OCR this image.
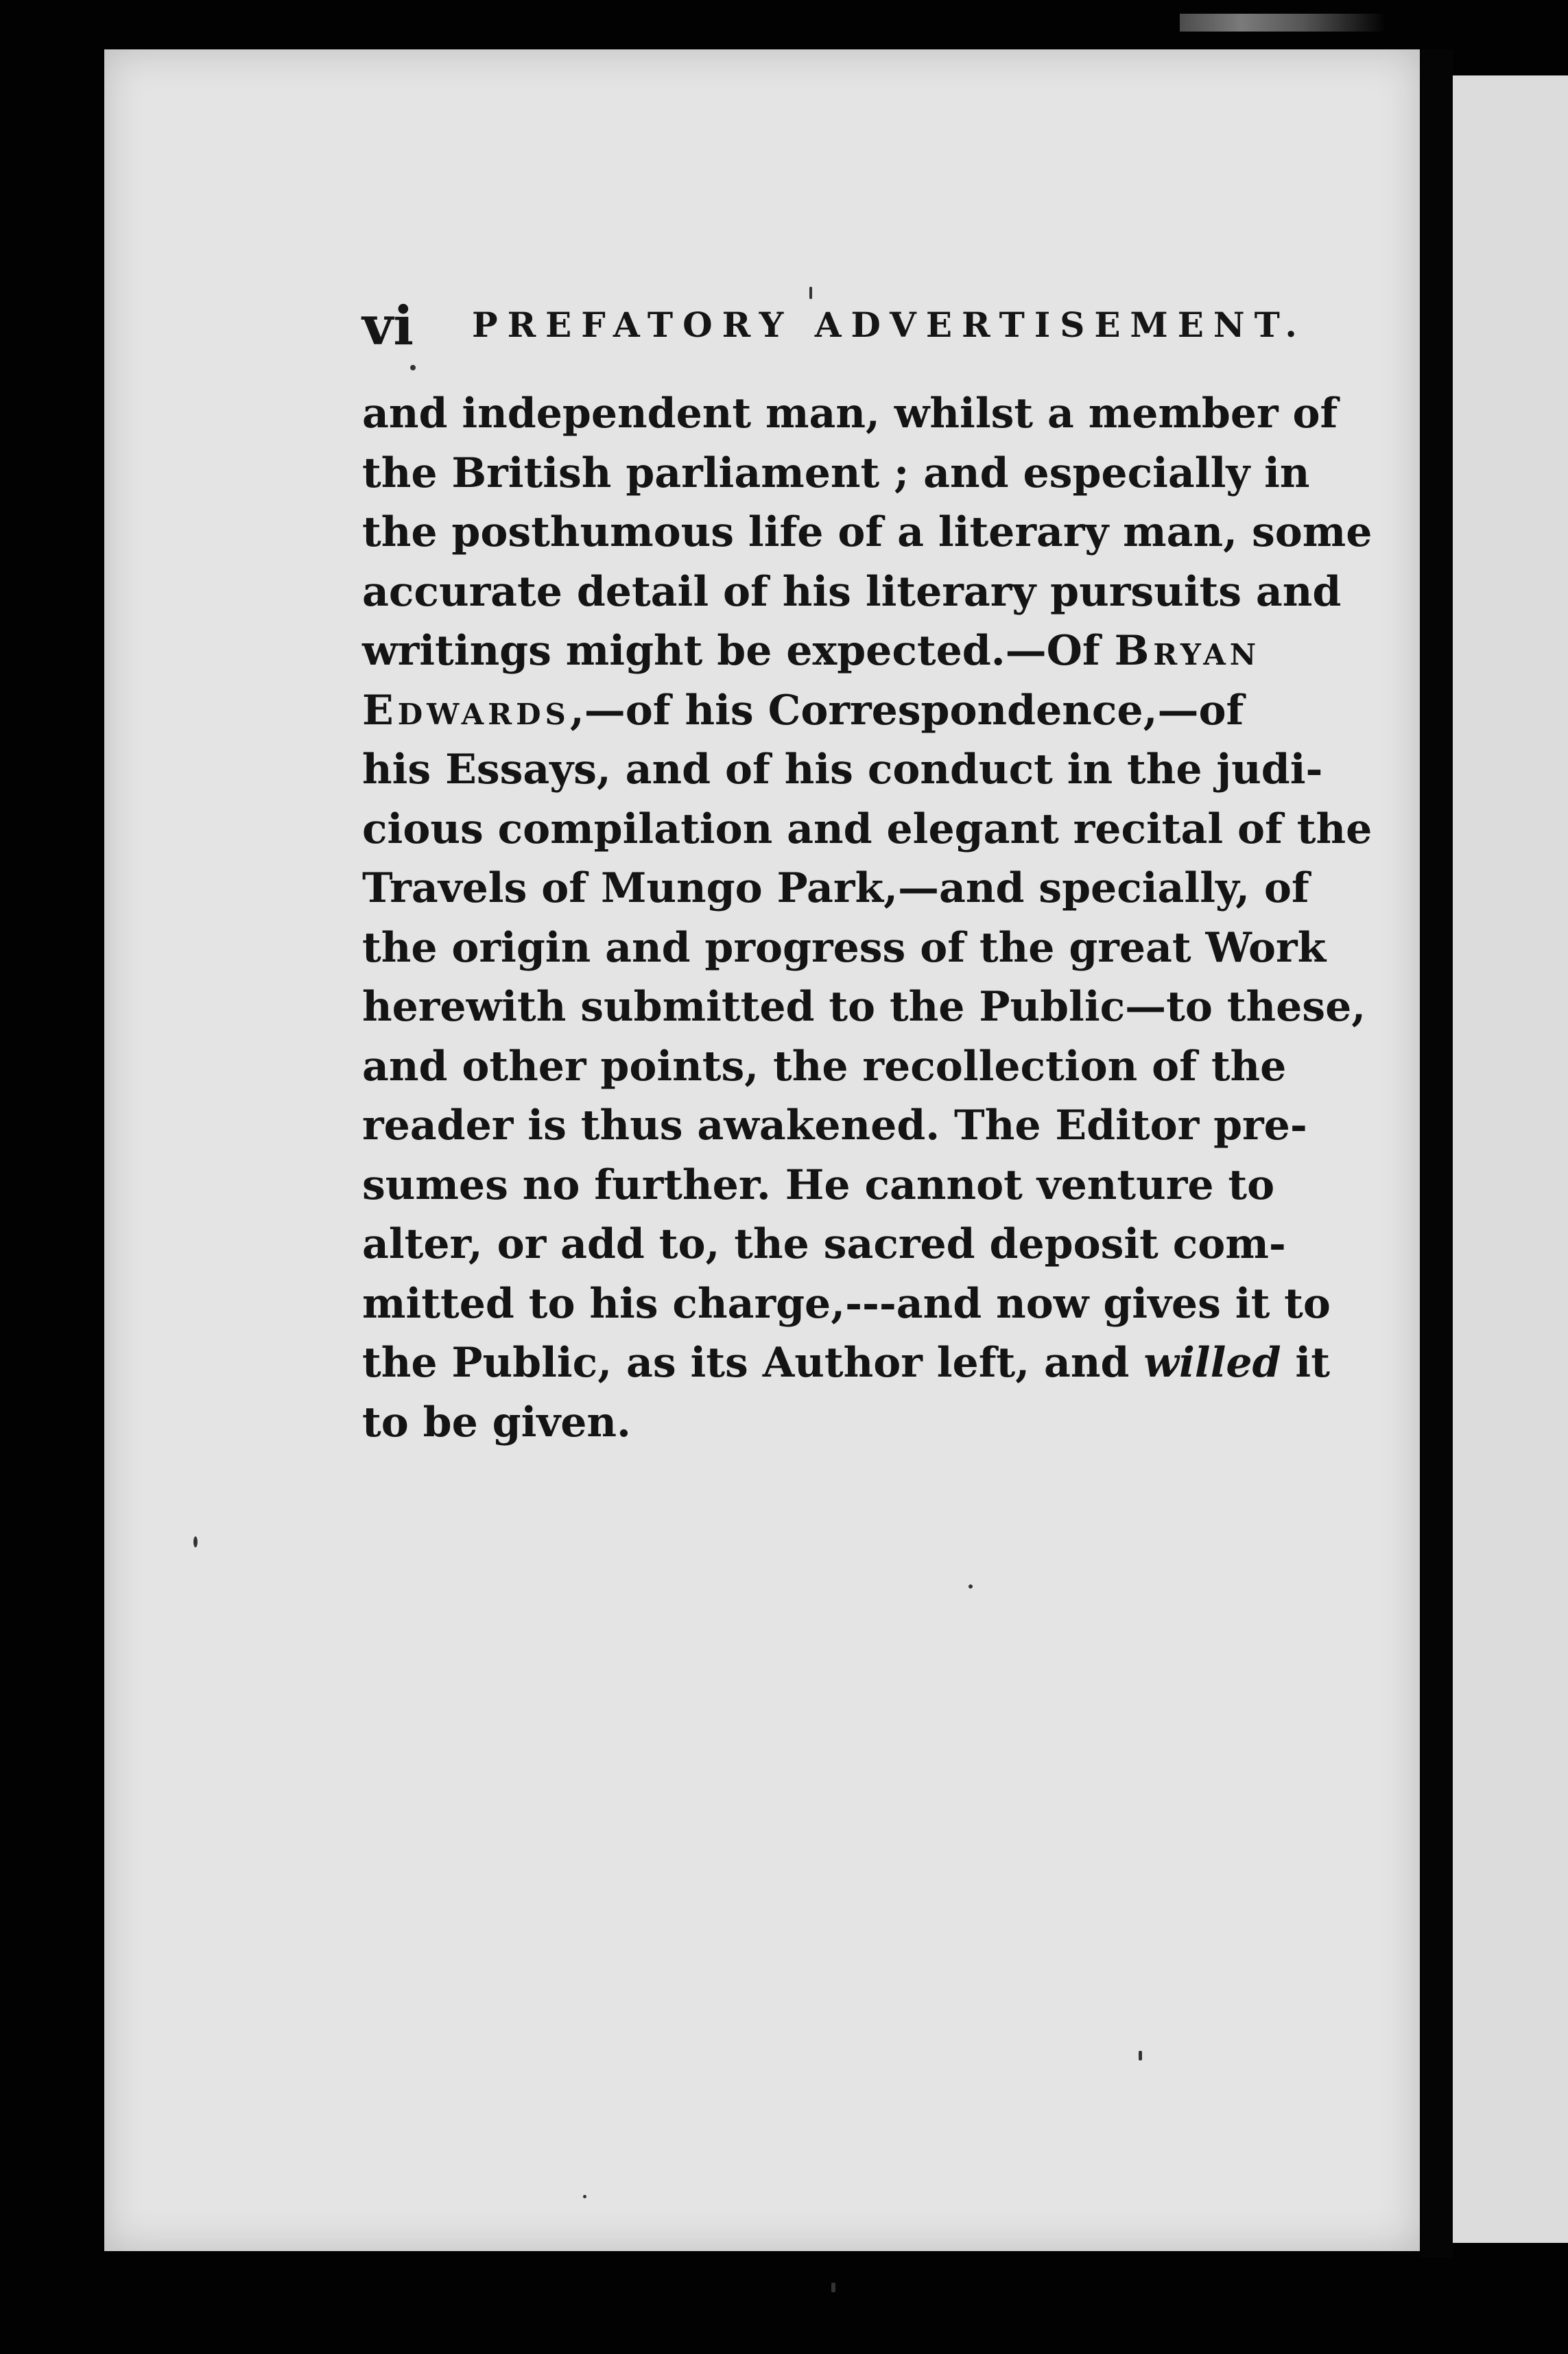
vi PREFATORY ADVERTISEMENT.
and independent man, whilst a member of
the British parliament ; and especially in
the posthumous life of a literary man, some
accurate detail of his literary pursuits and
writings might be expected.—Of Bryan
Edwards,—of his Correspondence,—of
his Essays, and of his conduct in the judi-
cious compilation and elegant recital of the
Travels of Mungo Park,—and specially, of
the origin and progress of the great Work
herewith submitted to the Public—to these,
and other points, the recollection of the
reader is thus awakened. The Editor pre-
sumes no further. He cannot venture to
alter, or add to, the sacred deposit com-
mitted to his charge,---and now gives it to
the Public, as its Author left, and willed it
to be given.
